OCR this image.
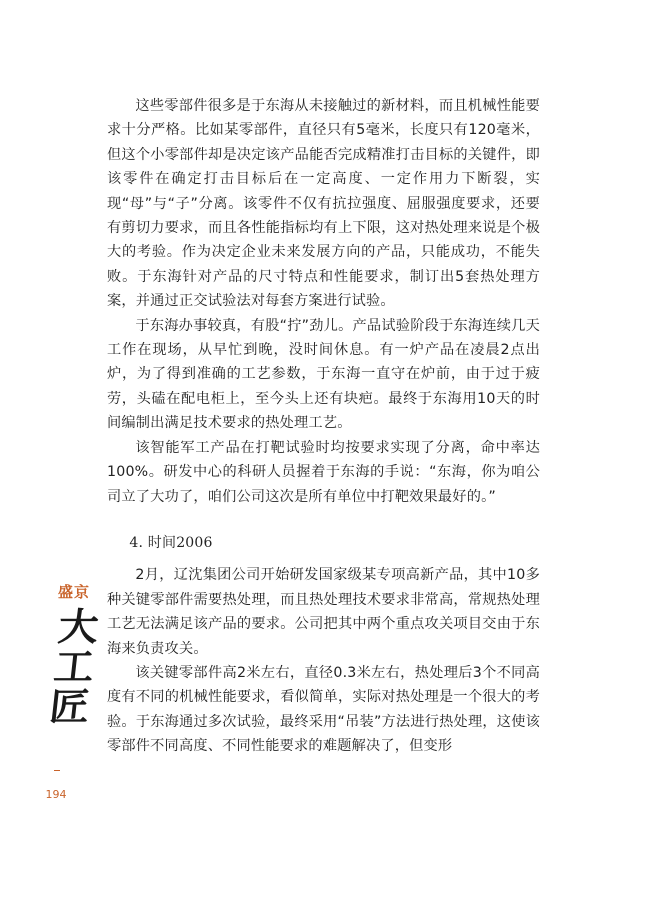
这些零部件很多是于东海从未接触过的新材料，而且机械性能要求十分严格。比如某零部件，直径只有5毫米，长度只有120毫米，但这个小零部件却是决定该产品能否完成精准打击目标的关键件，即该零件在确定打击目标后在一定高度、一定作用力下断裂，实现“母”与“子”分离。该零件不仅有抗拉强度、屈服强度要求，还要有剪切力要求，而且各性能指标均有上下限，这对热处理来说是个极大的考验。作为决定企业未来发展方向的产品，只能成功，不能失败。于东海针对产品的尺寸特点和性能要求，制订出5套热处理方案，并通过正交试验法对每套方案进行试验。

于东海办事较真，有股“拧”劲儿。产品试验阶段于东海连续几天工作在现场，从早忙到晚，没时间休息。有一炉产品在凌晨2点出炉，为了得到准确的工艺参数，于东海一直守在炉前，由于过于疲劳，头磕在配电柜上，至今头上还有块疤。最终于东海用10天的时间编制出满足技术要求的热处理工艺。

该智能军工产品在打靶试验时均按要求实现了分离，命中率达100%。研发中心的科研人员握着于东海的手说：“东海，你为咱公司立了大功了，咱们公司这次是所有单位中打靶效果最好的。”

4. 时间2006

2月，辽沈集团公司开始研发国家级某专项高新产品，其中10多种关键零部件需要热处理，而且热处理技术要求非常高，常规热处理工艺无法满足该产品的要求。公司把其中两个重点攻关项目交由于东海来负责攻关。

该关键零部件高2米左右，直径0.3米左右，热处理后3个不同高度有不同的机械性能要求，看似简单，实际对热处理是一个很大的考验。于东海通过多次试验，最终采用“吊装”方法进行热处理，这使该零部件不同高度、不同性能要求的难题解决了，但变形

盛京
大工匠
194
